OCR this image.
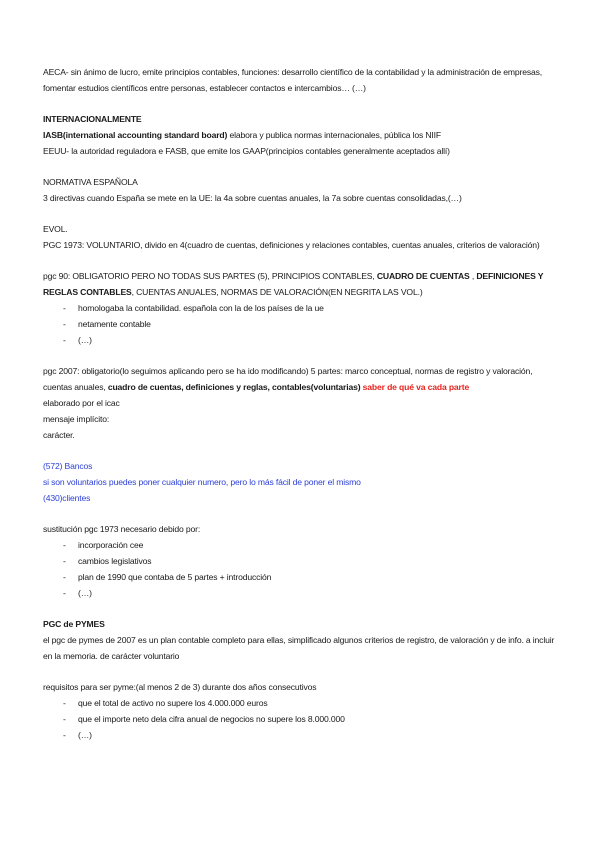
AECA- sin ánimo de lucro, emite principios contables, funciones: desarrollo científico de la contabilidad y la administración de empresas, fomentar estudios científicos entre personas, establecer contactos e intercambios… (…)

INTERNACIONALMENTE

IASB(international accounting standard board) elabora y publica normas internacionales, pública los NIIF

EEUU- la autoridad reguladora e FASB, que emite los GAAP(principios contables generalmente aceptados allí)

NORMATIVA ESPAÑOLA

3 directivas cuando España se mete en la UE: la 4a sobre cuentas anuales, la 7a sobre cuentas consolidadas,(…)

EVOL.

PGC 1973: VOLUNTARIO, divido en 4(cuadro de cuentas, definiciones y relaciones contables, cuentas anuales, criterios de valoración)

pgc 90: OBLIGATORIO PERO NO TODAS SUS PARTES (5), PRINCIPIOS CONTABLES, CUADRO DE CUENTAS , DEFINICIONES Y REGLAS CONTABLES, CUENTAS ANUALES, NORMAS DE VALORACIÓN(EN NEGRITA LAS VOL.)

- homologaba la contabilidad. española con la de los países de la ue
- netamente contable
- (…)

pgc 2007: obligatorio(lo seguimos aplicando pero se ha ido modificando) 5 partes: marco conceptual, normas de registro y valoración, cuentas anuales, cuadro de cuentas, definiciones y reglas, contables(voluntarias) saber de qué va cada parte

elaborado por el icac

mensaje implícito:

carácter.

(572) Bancos

si son voluntarios puedes poner cualquier numero, pero lo más fácil de poner el mismo

(430)clientes

sustitución pgc 1973 necesario debido por:

- incorporación cee
- cambios legislativos
- plan de 1990 que contaba de 5 partes + introducción
- (…)

PGC de PYMES

el pgc de pymes de 2007 es un plan contable completo para ellas, simplificado algunos criterios de registro, de valoración y de info. a incluir en la memoria. de carácter voluntario

requisitos para ser pyme:(al menos 2 de 3) durante dos años consecutivos

- que el total de activo no supere los 4.000.000 euros
- que el importe neto dela cifra anual de negocios no supere los 8.000.000
- (…)
